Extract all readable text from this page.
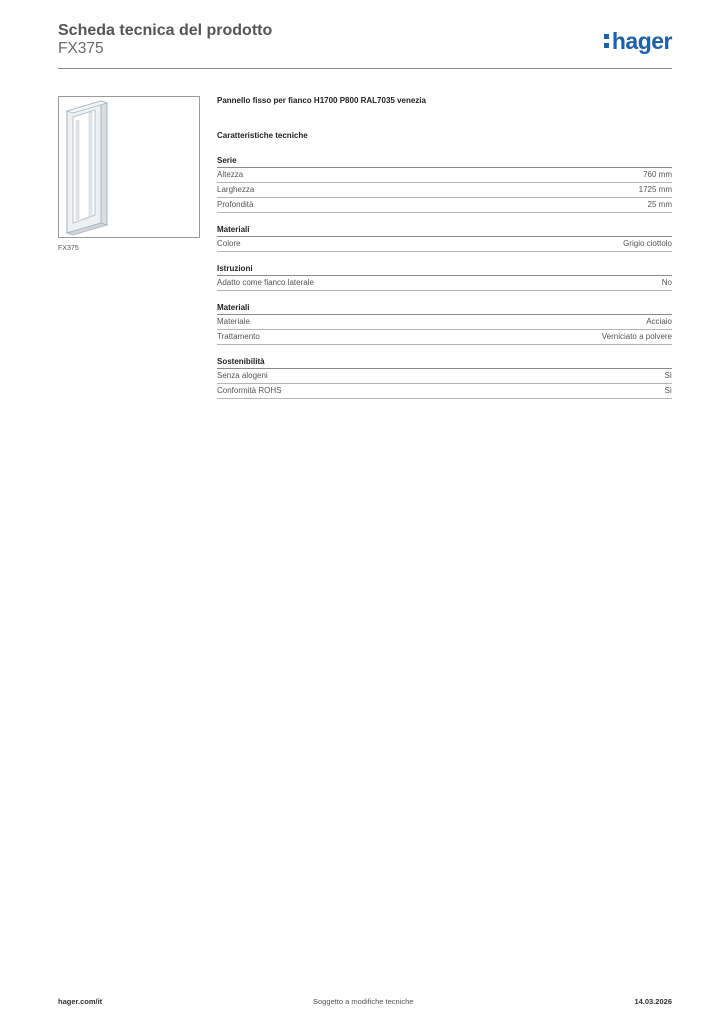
Scheda tecnica del prodotto
FX375	hager
FX375
Pannello fisso per fianco H1700 P800 RAL7035 venezia
Caratteristiche tecniche
Serie
Altezza	760 mm
Larghezza	1725 mm
Profondità	25 mm
Materiali
Colore	Grigio ciottolo
Istruzioni
Adatto come fianco laterale	No
Materiali
Materiale	Acciaio
Trattamento	Verniciato a polvere
Sostenibilità
Senza alogeni	Sì
Conformità ROHS	Sì
hager.com/it	Soggetto a modifiche tecniche	14.03.2026
